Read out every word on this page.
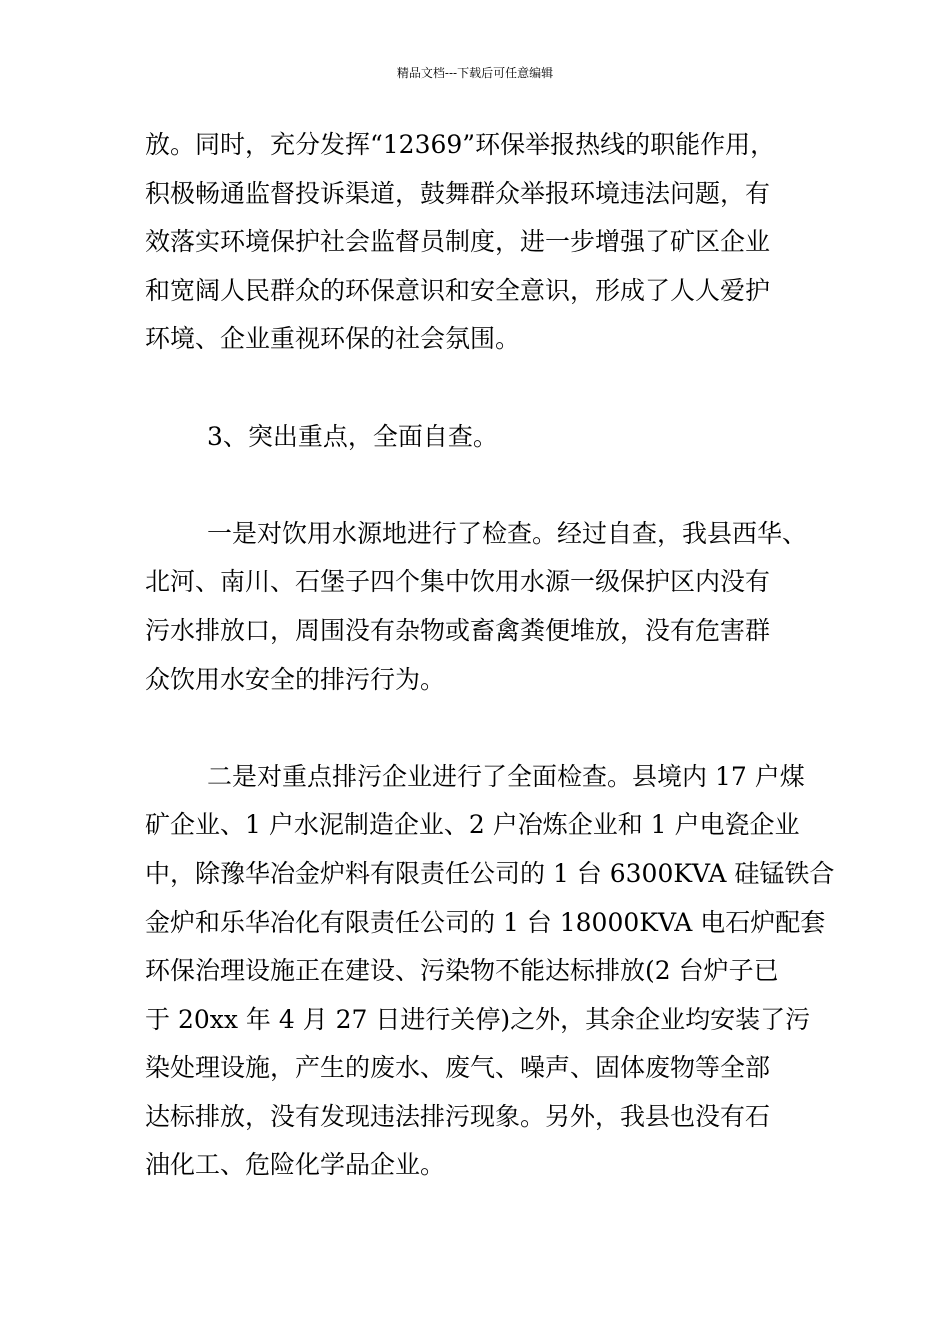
精品文档---下载后可任意编辑
放。同时，充分发挥“12369”环保举报热线的职能作用，
积极畅通监督投诉渠道，鼓舞群众举报环境违法问题，有
效落实环境保护社会监督员制度，进一步增强了矿区企业
和宽阔人民群众的环保意识和安全意识，形成了人人爱护
环境、企业重视环保的社会氛围。
3、突出重点，全面自查。
一是对饮用水源地进行了检查。经过自查，我县西华、
北河、南川、石堡子四个集中饮用水源一级保护区内没有
污水排放口，周围没有杂物或畜禽粪便堆放，没有危害群
众饮用水安全的排污行为。
二是对重点排污企业进行了全面检查。县境内 17 户煤
矿企业、1 户水泥制造企业、2 户冶炼企业和 1 户电瓷企业
中，除豫华冶金炉料有限责任公司的 1 台 6300KVA 硅锰铁合
金炉和乐华冶化有限责任公司的 1 台 18000KVA 电石炉配套
环保治理设施正在建设、污染物不能达标排放(2 台炉子已
于 20xx 年 4 月 27 日进行关停)之外，其余企业均安装了污
染处理设施，产生的废水、废气、噪声、固体废物等全部
达标排放，没有发现违法排污现象。另外，我县也没有石
油化工、危险化学品企业。
